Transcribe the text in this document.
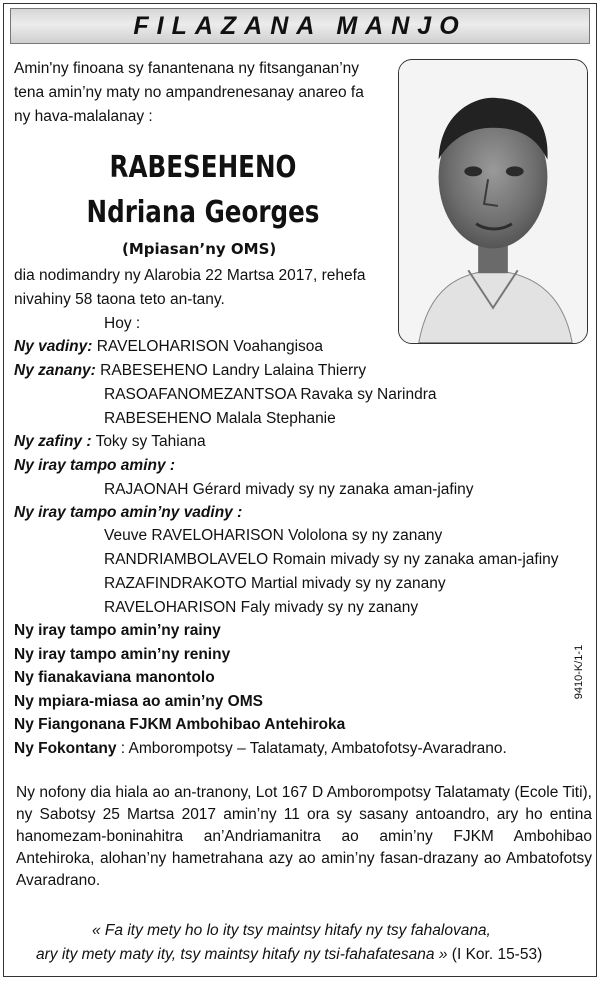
FILAZANA MANJO
Amin'ny finoana sy fanantenana ny fitsanganan’ny
tena amin’ny maty no ampandrenesanay anareo fa
ny hava-malalanay :
RABESEHENO
Ndriana Georges
(Mpiasan’ny OMS)
dia nodimandry ny Alarobia 22 Martsa 2017, rehefa
nivahiny 58 taona teto an-tany.
Hoy :
Ny vadiny: RAVELOHARISON Voahangisoa
Ny zanany: RABESEHENO Landry Lalaina Thierry
RASOAFANOMEZANTSOA Ravaka sy Narindra
RABESEHENO Malala Stephanie
Ny zafiny : Toky sy Tahiana
Ny iray tampo aminy :
RAJAONAH Gérard mivady sy ny zanaka aman-jafiny
Ny iray tampo amin’ny vadiny :
Veuve RAVELOHARISON Vololona sy ny zanany
RANDRIAMBOLAVELO Romain mivady sy ny zanaka aman-jafiny
RAZAFINDRAKOTO Martial mivady sy ny zanany
RAVELOHARISON Faly mivady sy ny zanany
Ny iray tampo amin’ny rainy
Ny iray tampo amin’ny reniny
Ny fianakaviana manontolo
Ny mpiara-miasa ao amin’ny OMS
Ny Fiangonana FJKM Ambohibao Antehiroka
Ny Fokontany : Amborompotsy – Talatamaty, Ambatofotsy-Avaradrano.
9410-K/1-1
Ny nofony dia hiala ao an-tranony, Lot 167 D Amborompotsy Talatamaty (Ecole Titi), ny Sabotsy 25 Martsa 2017 amin’ny 11 ora sy sasany antoandro, ary ho entina hanomezam-boninahitra an’Andriamanitra ao amin’ny FJKM Ambohibao Antehiroka, alohan’ny hametrahana azy ao amin’ny fasan-drazany ao Ambatofotsy Avaradrano.
« Fa ity mety ho lo ity tsy maintsy hitafy ny tsy fahalovana,
ary ity mety maty ity, tsy maintsy hitafy ny tsi-fahafatesana » (I Kor. 15-53)
